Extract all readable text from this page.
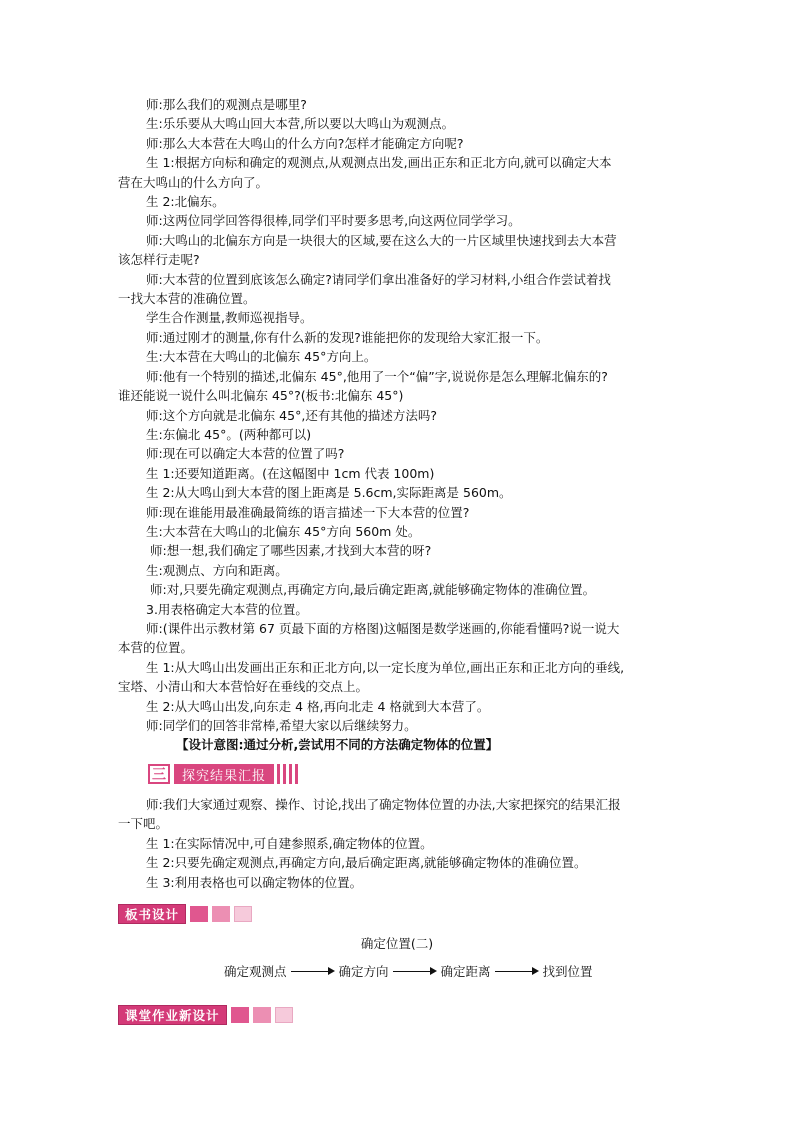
师:那么我们的观测点是哪里?
生:乐乐要从大鸣山回大本营,所以要以大鸣山为观测点。
师:那么大本营在大鸣山的什么方向?怎样才能确定方向呢?
生 1:根据方向标和确定的观测点,从观测点出发,画出正东和正北方向,就可以确定大本
营在大鸣山的什么方向了。
生 2:北偏东。
师:这两位同学回答得很棒,同学们平时要多思考,向这两位同学学习。
师:大鸣山的北偏东方向是一块很大的区域,要在这么大的一片区域里快速找到去大本营
该怎样行走呢?
师:大本营的位置到底该怎么确定?请同学们拿出准备好的学习材料,小组合作尝试着找
一找大本营的准确位置。
学生合作测量,教师巡视指导。
师:通过刚才的测量,你有什么新的发现?谁能把你的发现给大家汇报一下。
生:大本营在大鸣山的北偏东 45°方向上。
师:他有一个特别的描述,北偏东 45°,他用了一个“偏”字,说说你是怎么理解北偏东的?
谁还能说一说什么叫北偏东 45°?(板书:北偏东 45°)
师:这个方向就是北偏东 45°,还有其他的描述方法吗?
生:东偏北 45°。(两种都可以)
师:现在可以确定大本营的位置了吗?
生 1:还要知道距离。(在这幅图中 1cm 代表 100m)
生 2:从大鸣山到大本营的图上距离是 5.6cm,实际距离是 560m。
师:现在谁能用最准确最简练的语言描述一下大本营的位置?
生:大本营在大鸣山的北偏东 45°方向 560m 处。
师:想一想,我们确定了哪些因素,才找到大本营的呀?
生:观测点、方向和距离。
师:对,只要先确定观测点,再确定方向,最后确定距离,就能够确定物体的准确位置。
3.用表格确定大本营的位置。
师:(课件出示教材第 67 页最下面的方格图)这幅图是数学迷画的,你能看懂吗?说一说大
本营的位置。
生 1:从大鸣山出发画出正东和正北方向,以一定长度为单位,画出正东和正北方向的垂线,
宝塔、小清山和大本营恰好在垂线的交点上。
生 2:从大鸣山出发,向东走 4 格,再向北走 4 格就到大本营了。
师:同学们的回答非常棒,希望大家以后继续努力。
【设计意图:通过分析,尝试用不同的方法确定物体的位置】
三	探究结果汇报
师:我们大家通过观察、操作、讨论,找出了确定物体位置的办法,大家把探究的结果汇报
一下吧。
生 1:在实际情况中,可自建参照系,确定物体的位置。
生 2:只要先确定观测点,再确定方向,最后确定距离,就能够确定物体的准确位置。
生 3:利用表格也可以确定物体的位置。
板书设计
确定位置(二)
确定观测点	确定方向	确定距离	找到位置
课堂作业新设计
